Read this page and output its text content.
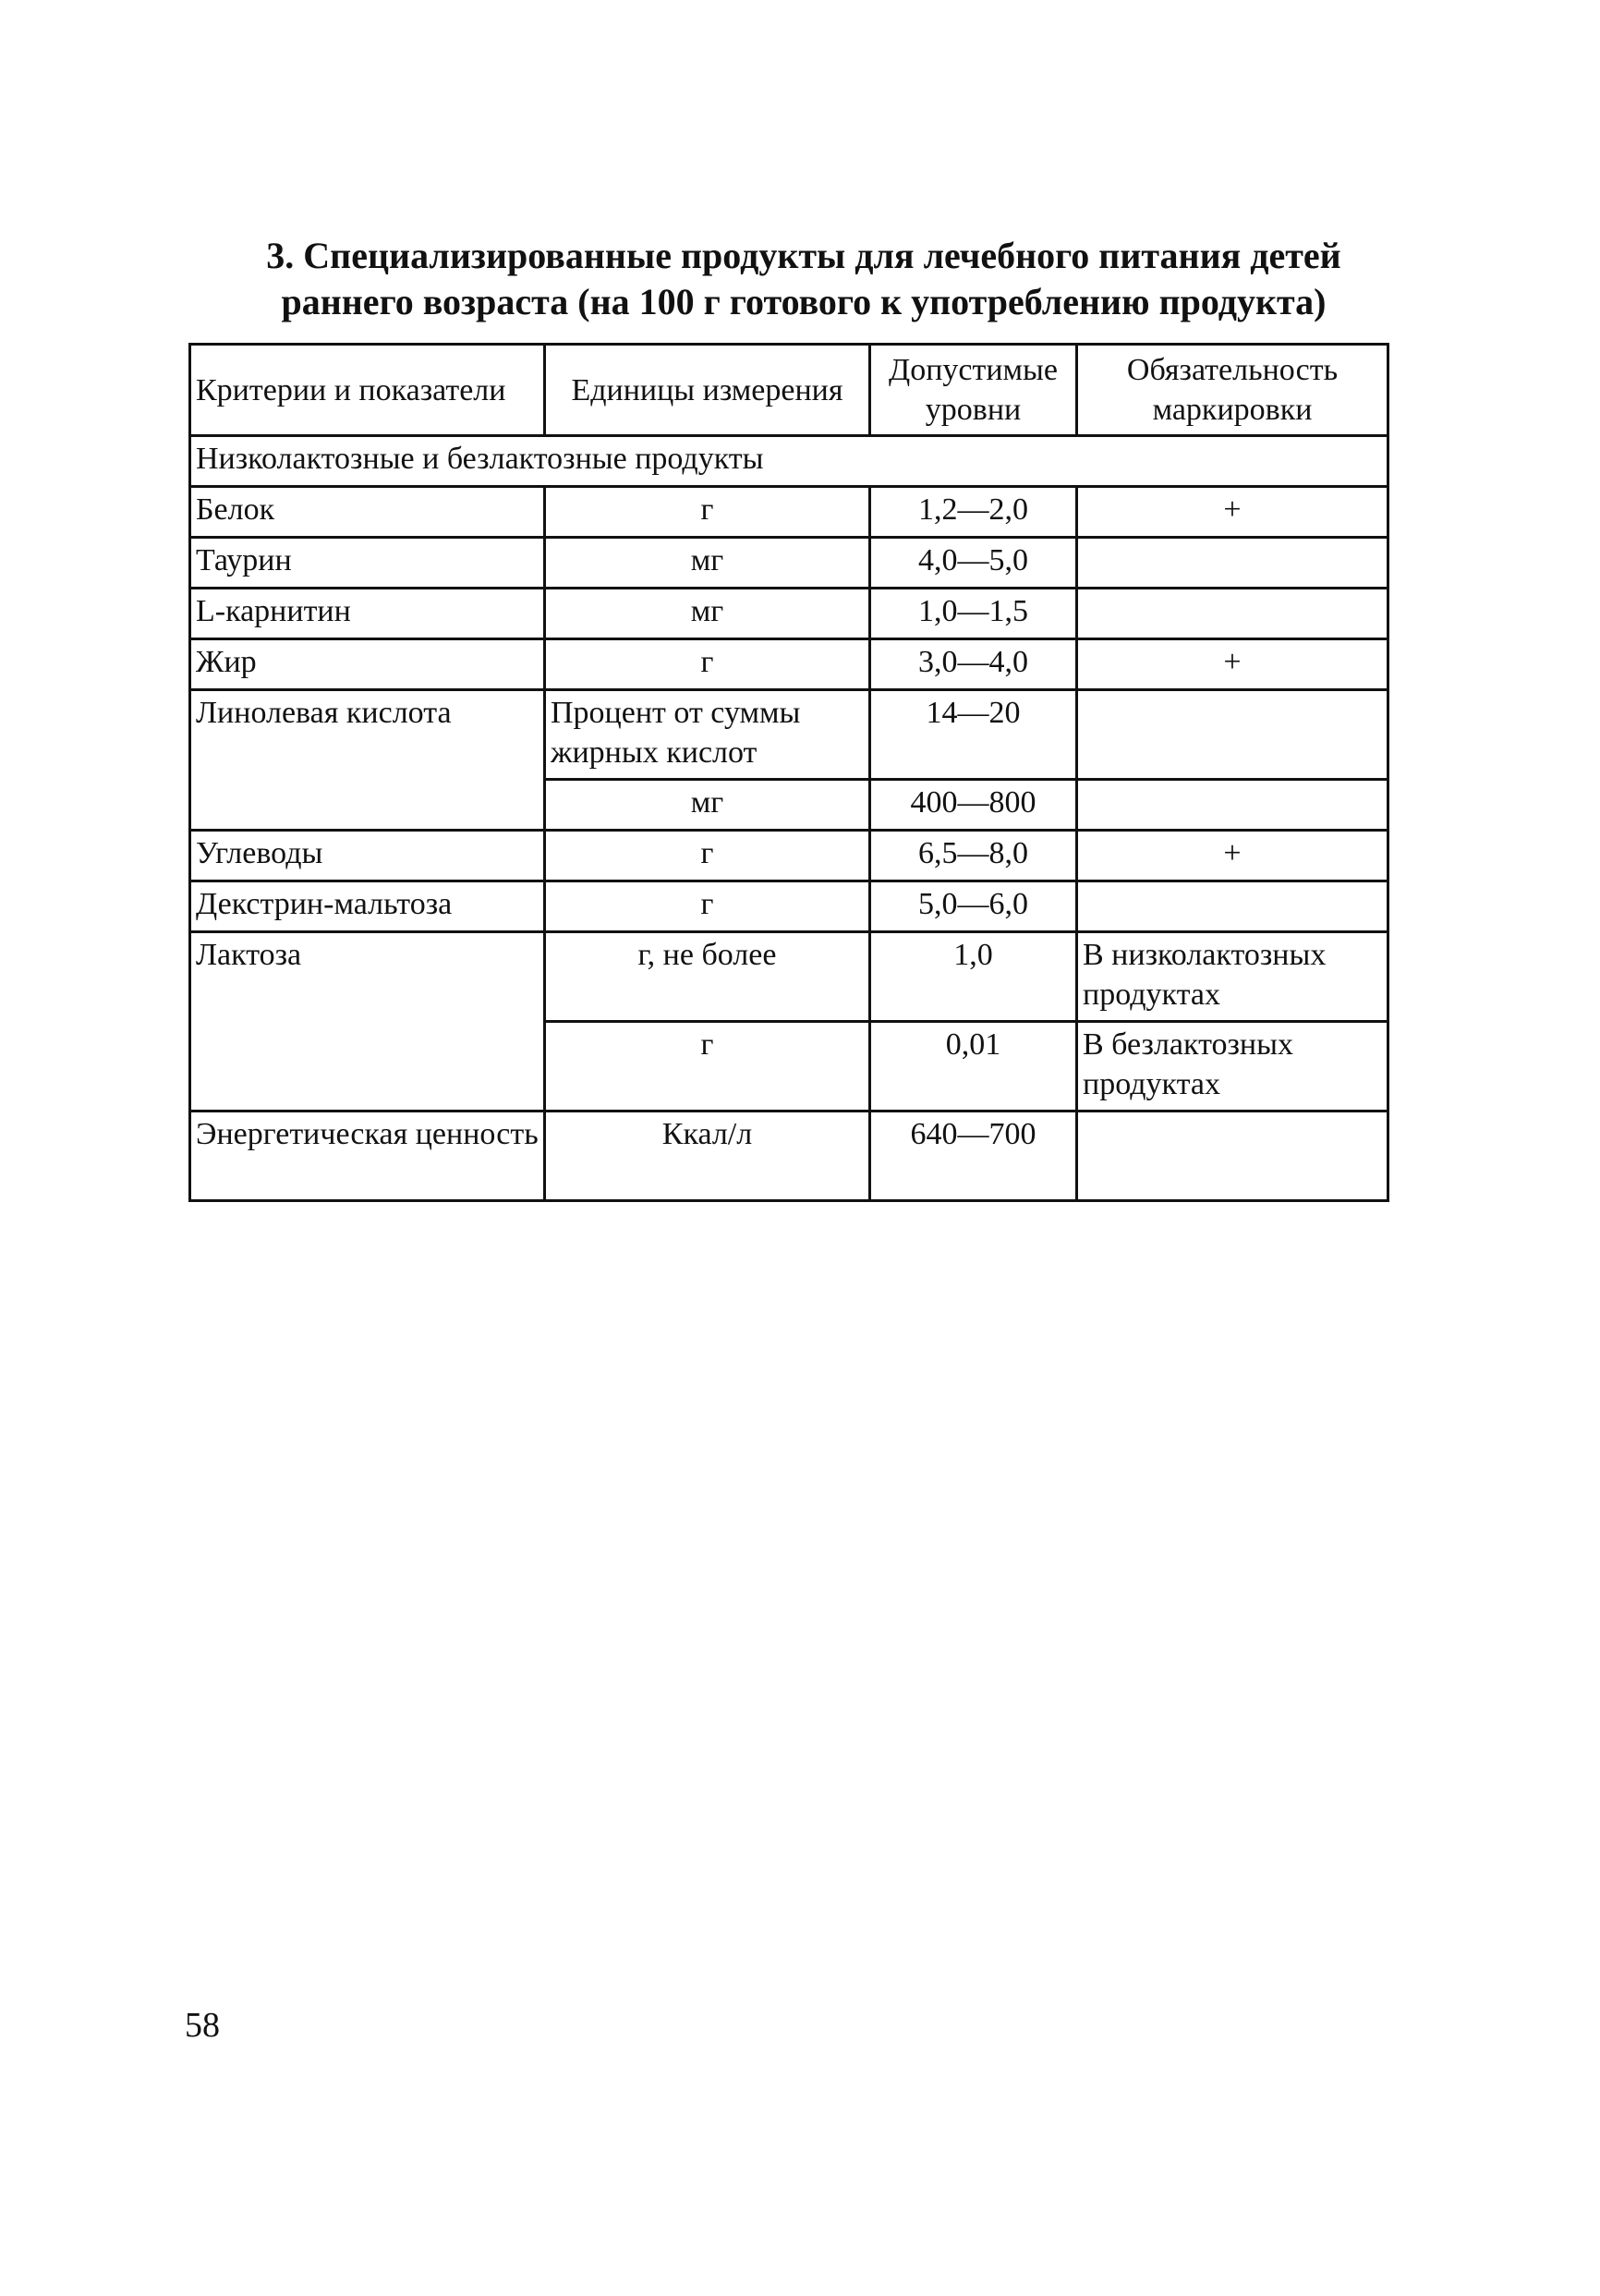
3. Специализированные продукты для лечебного питания детей
раннего возраста (на 100 г готового к употреблению продукта)
Критерии и показатели	Единицы измерения	Допустимые уровни	Обязательность маркировки
Низколактозные и безлактозные продукты			
Белок	г	1,2—2,0	+
Таурин	мг	4,0—5,0	
L-карнитин	мг	1,0—1,5	
Жир	г	3,0—4,0	+
Линолевая кислота	Процент от суммы жирных кислот	14—20	
	мг	400—800	
Углеводы	г	6,5—8,0	+
Декстрин-мальтоза	г	5,0—6,0	
Лактоза	г, не более	1,0	В низколактозных продуктах
	г	0,01	В безлактозных продуктах
Энергетическая ценность	Ккал/л	640—700	
58
